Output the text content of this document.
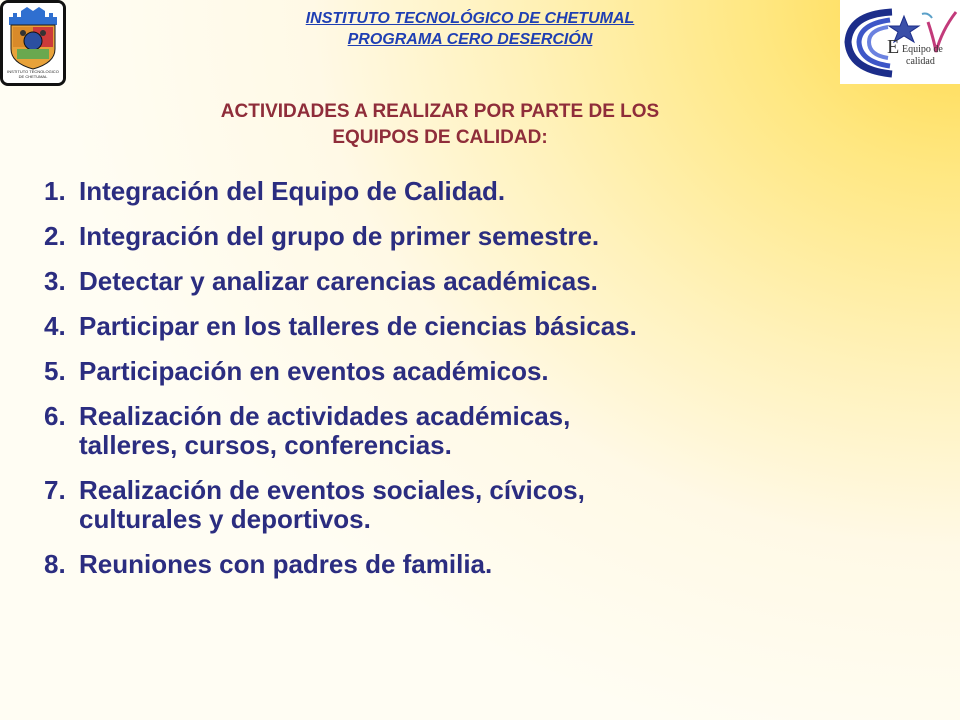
INSTITUTO TECNOLOGICO DE CHETUMAL
INSTITUTO TECNOLÓGICO DE CHETUMAL
PROGRAMA CERO DESERCIÓN	E Equipo de
calidad
ACTIVIDADES A REALIZAR POR PARTE DE LOS
EQUIPOS DE CALIDAD:
1. Integración del Equipo de Calidad.
2. Integración del grupo de primer semestre.
3. Detectar y analizar carencias académicas.
4. Participar en los talleres de ciencias básicas.
5. Participación en eventos académicos.
6. Realización de actividades académicas,
talleres, cursos, conferencias.
7. Realización de eventos sociales, cívicos,
culturales y deportivos.
8. Reuniones con padres de familia.
